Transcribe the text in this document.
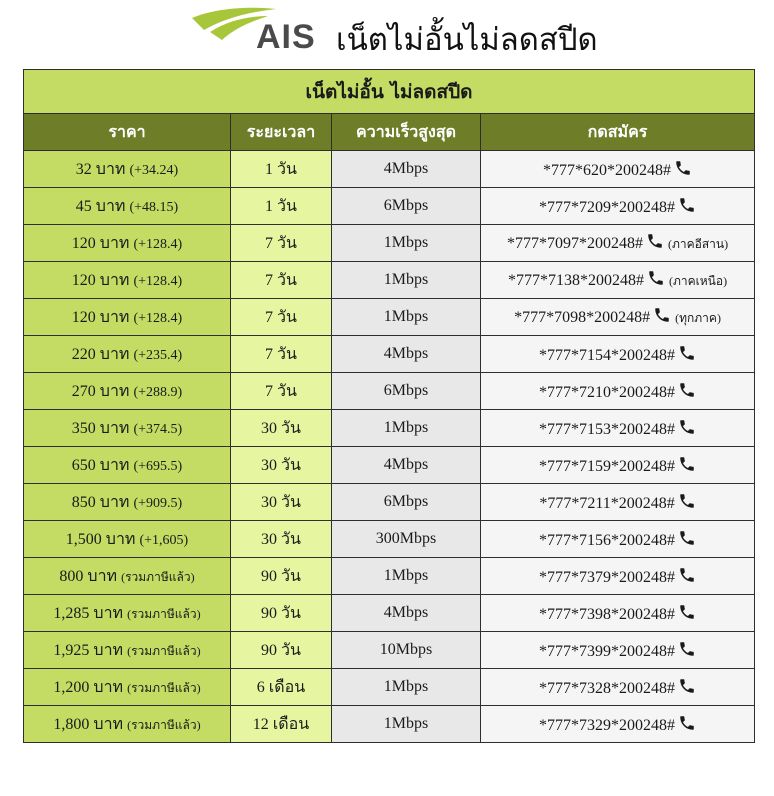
AIS เน็ตไม่อั้นไม่ลดสปีด
เน็ตไม่อั้น ไม่ลดสปีด			
ราคา	ระยะเวลา	ความเร็วสูงสุด	กดสมัคร
32 บาท (+34.24)	1 วัน	4Mbps	*777*620*200248#
45 บาท (+48.15)	1 วัน	6Mbps	*777*7209*200248#
120 บาท (+128.4)	7 วัน	1Mbps	*777*7097*200248# (ภาคอีสาน)
120 บาท (+128.4)	7 วัน	1Mbps	*777*7138*200248# (ภาคเหนือ)
120 บาท (+128.4)	7 วัน	1Mbps	*777*7098*200248# (ทุกภาค)
220 บาท (+235.4)	7 วัน	4Mbps	*777*7154*200248#
270 บาท (+288.9)	7 วัน	6Mbps	*777*7210*200248#
350 บาท (+374.5)	30 วัน	1Mbps	*777*7153*200248#
650 บาท (+695.5)	30 วัน	4Mbps	*777*7159*200248#
850 บาท (+909.5)	30 วัน	6Mbps	*777*7211*200248#
1,500 บาท (+1,605)	30 วัน	300Mbps	*777*7156*200248#
800 บาท (รวมภาษีแล้ว)	90 วัน	1Mbps	*777*7379*200248#
1,285 บาท (รวมภาษีแล้ว)	90 วัน	4Mbps	*777*7398*200248#
1,925 บาท (รวมภาษีแล้ว)	90 วัน	10Mbps	*777*7399*200248#
1,200 บาท (รวมภาษีแล้ว)	6 เดือน	1Mbps	*777*7328*200248#
1,800 บาท (รวมภาษีแล้ว)	12 เดือน	1Mbps	*777*7329*200248#
